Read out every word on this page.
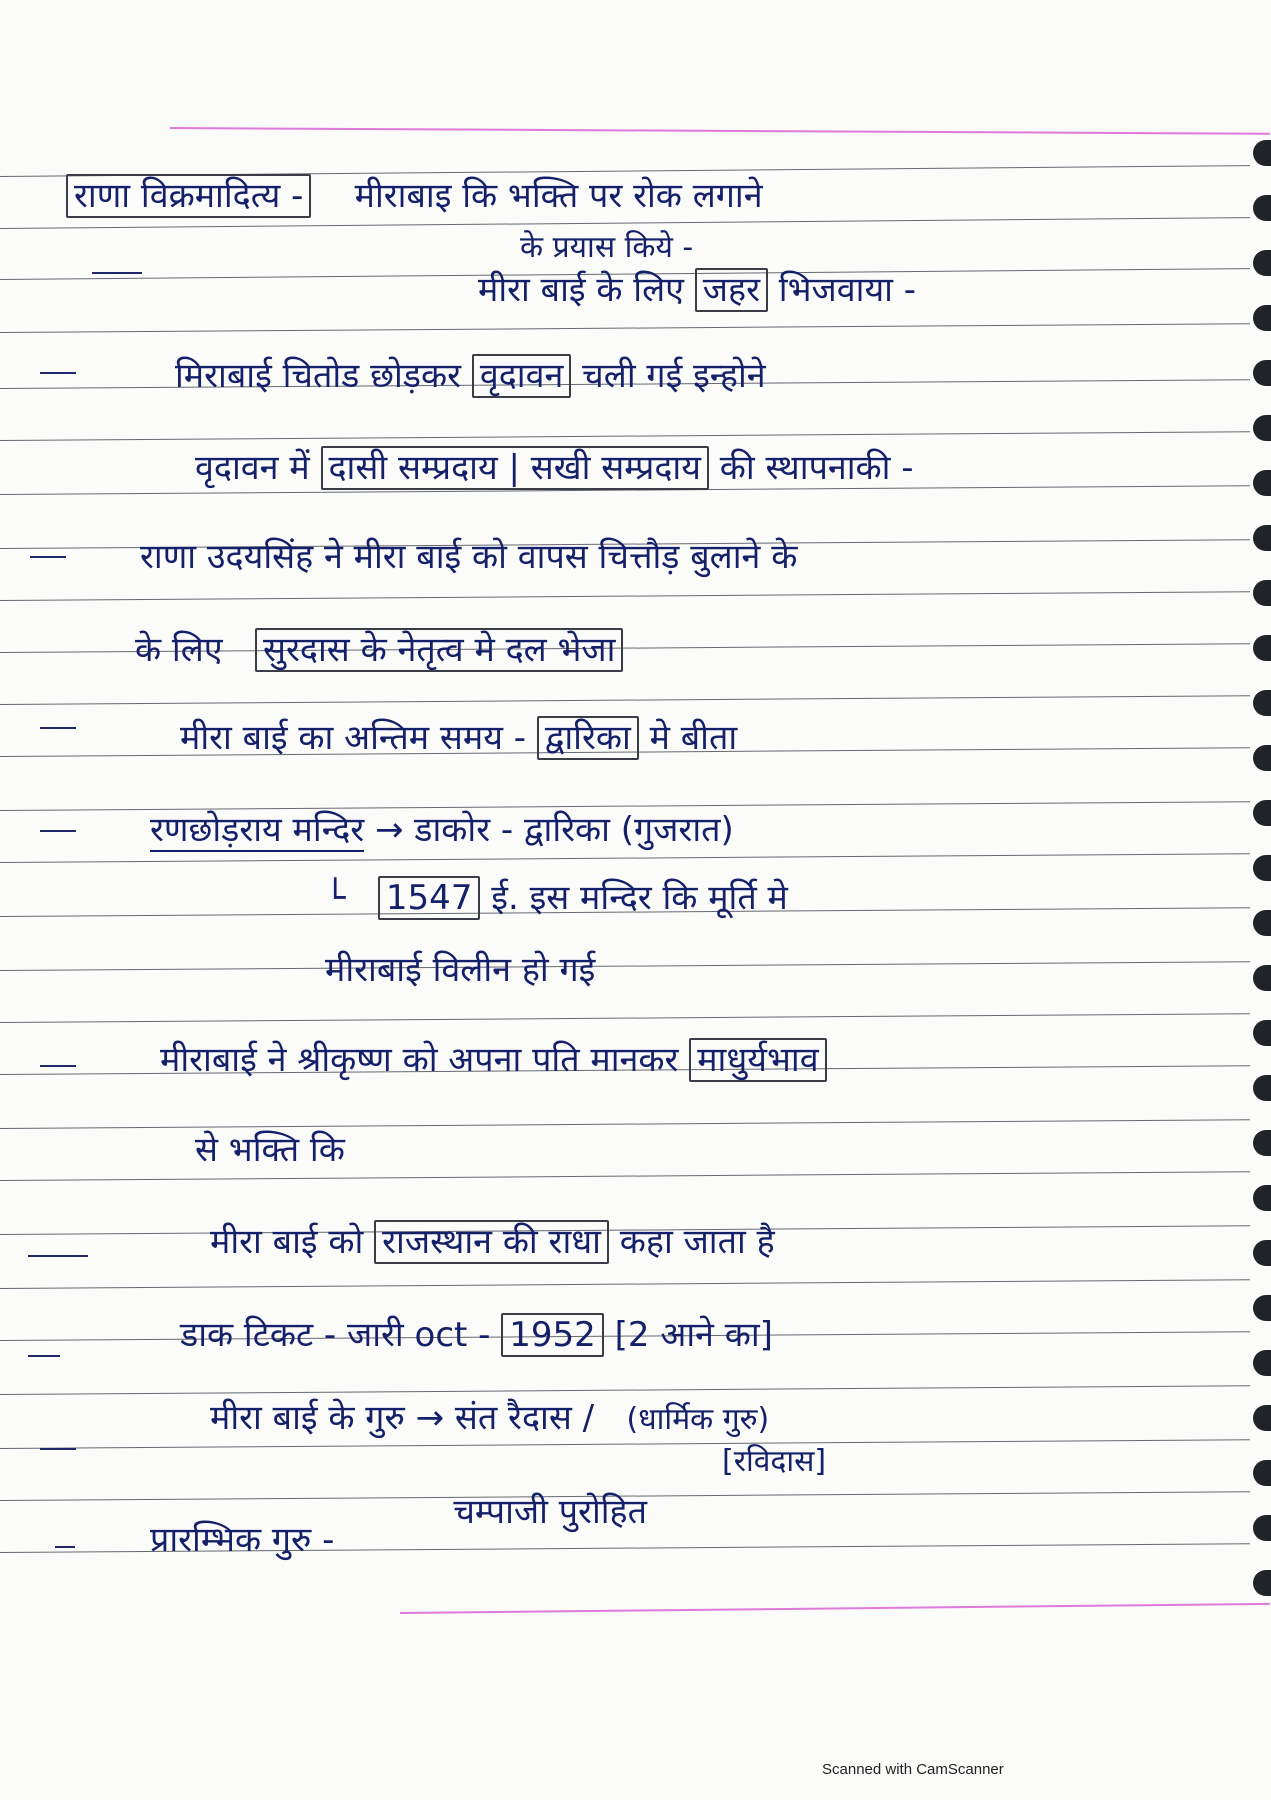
राणा विक्रमादित्य - मीराबाइ कि भक्ति पर रोक लगाने
के प्रयास किये -
मीरा बाई के लिए जहर भिजवाया -
मिराबाई चितोड छोड़कर वृदावन चली गई इन्होने
वृदावन में दासी सम्प्रदाय | सखी सम्प्रदाय की स्थापनाकी -
राणा उदयसिंह ने मीरा बाई को वापस चित्तौड़ बुलाने के
के लिए सुरदास के नेतृत्व मे दल भेजा
मीरा बाई का अन्तिम समय - द्वारिका मे बीता
रणछोड़राय मन्दिर → डाकोर - द्वारिका (गुजरात)
└ 1547 ई. इस मन्दिर कि मूर्ति मे
मीराबाई विलीन हो गई
मीराबाई ने श्रीकृष्ण को अपना पति मानकर माधुर्यभाव
से भक्ति कि
मीरा बाई को राजस्थान की राधा कहा जाता है
डाक टिकट - जारी oct - 1952 [2 आने का]
मीरा बाई के गुरु → संत रैदास / (धार्मिक गुरु)
[रविदास]
प्रारम्भिक गुरु -           चम्पाजी पुरोहित
Scanned with CamScanner
